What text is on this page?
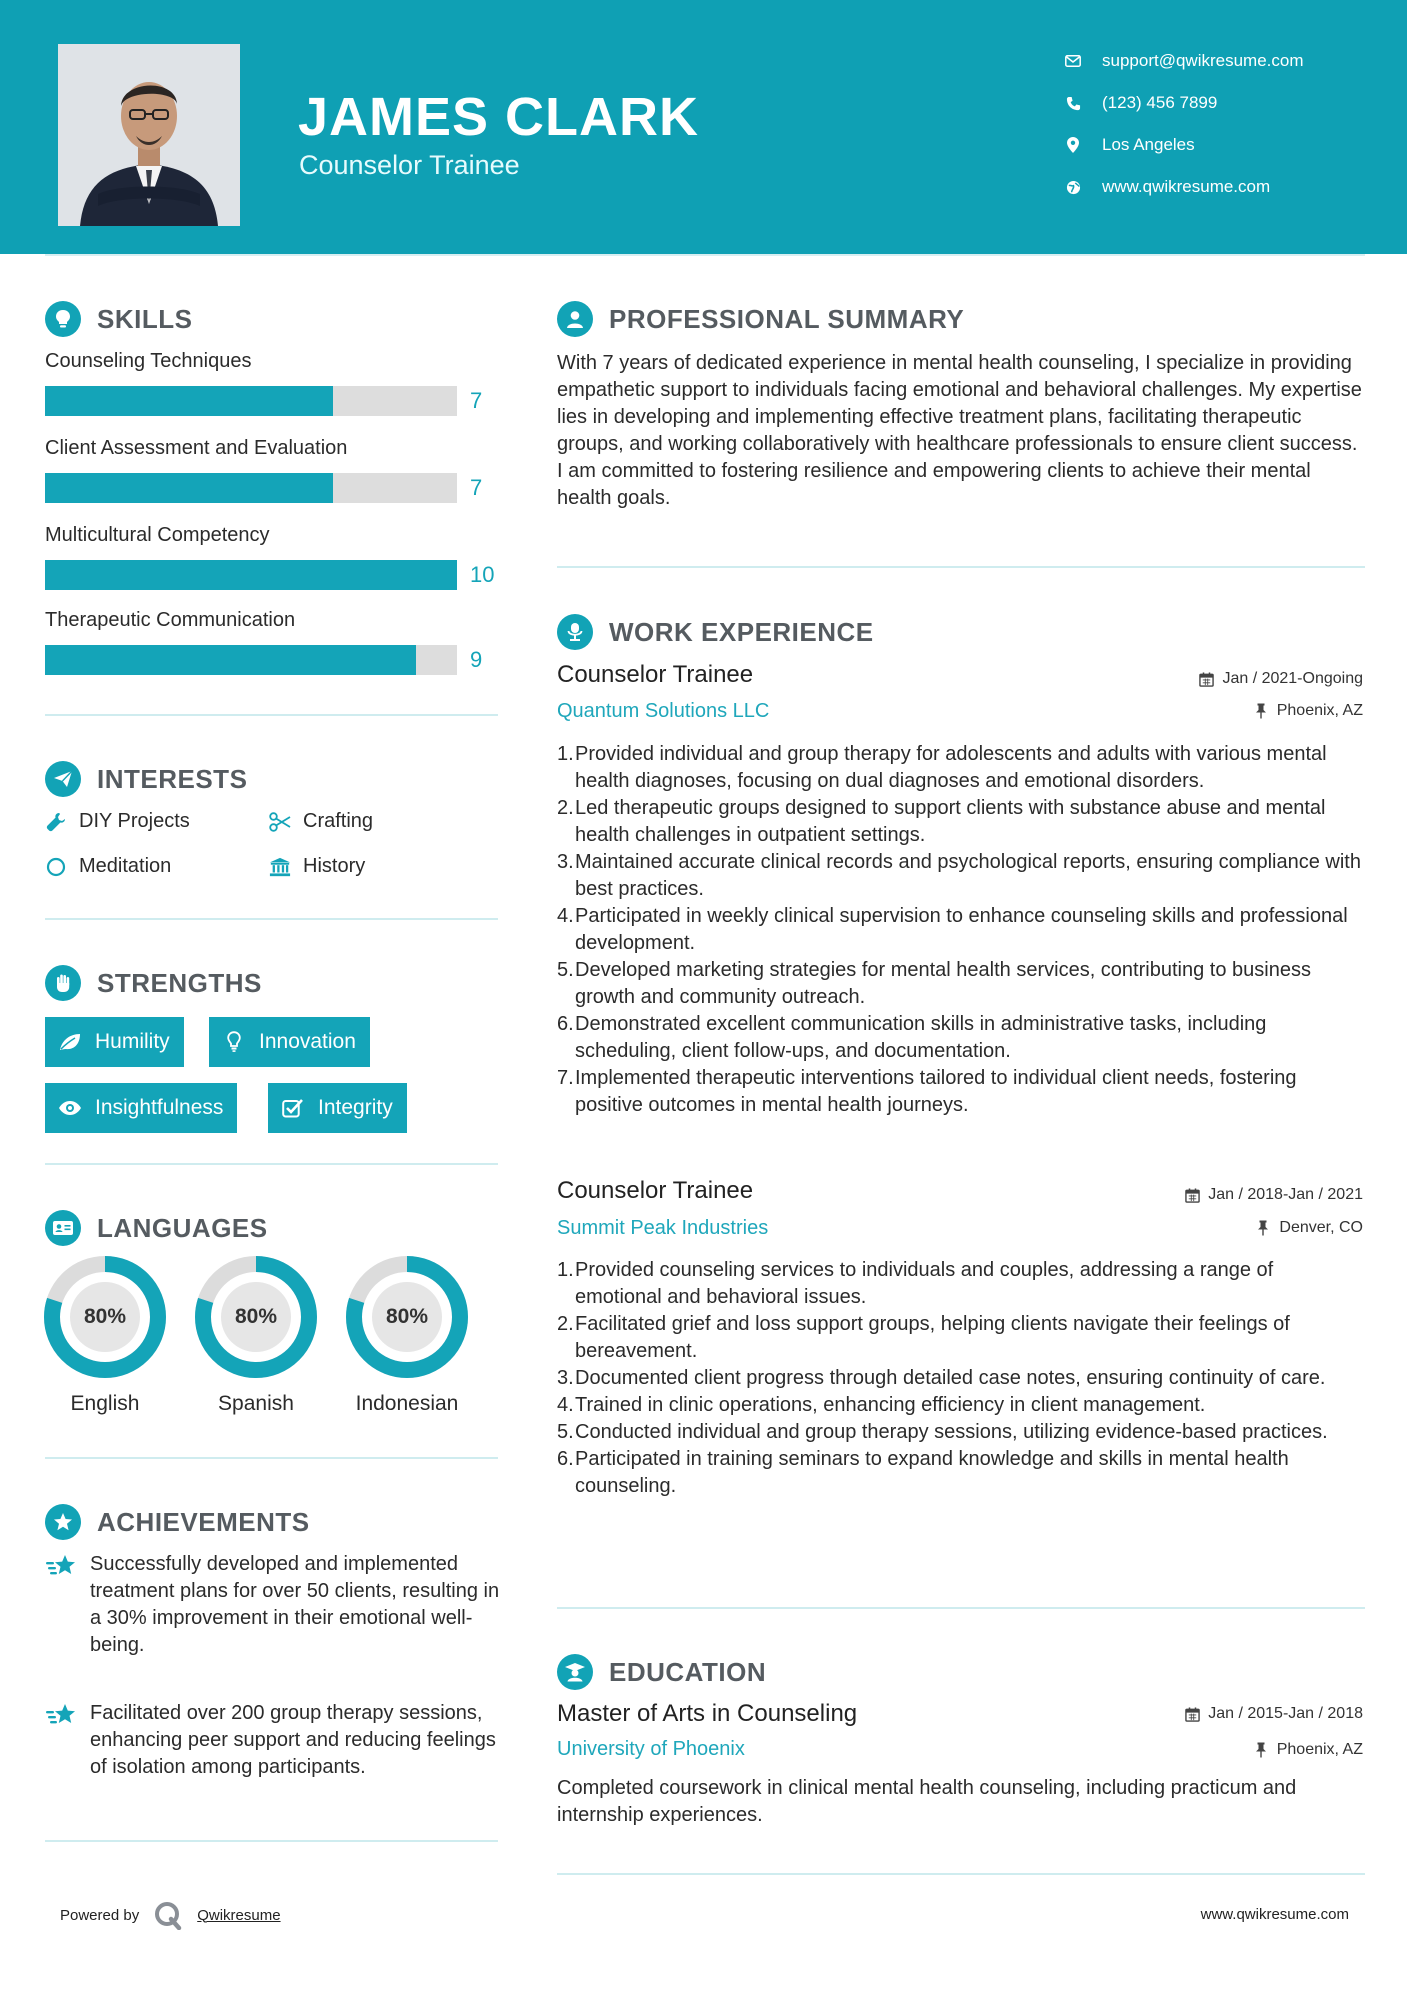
JAMES CLARK
Counselor Trainee
support@qwikresume.com
(123) 456 7899
Los Angeles
www.qwikresume.com
SKILLS
Counseling Techniques
7
Client Assessment and Evaluation
7
Multicultural Competency
10
Therapeutic Communication
9
INTERESTS
DIY Projects	Crafting
Meditation	History
STRENGTHS
Humility	Innovation
Insightfulness	Integrity
LANGUAGES
80%
English
80%
Spanish
80%
Indonesian
ACHIEVEMENTS
Successfully developed and implemented treatment plans for over 50 clients, resulting in a 30% improvement in their emotional well-being.
Facilitated over 200 group therapy sessions, enhancing peer support and reducing feelings of isolation among participants.
PROFESSIONAL SUMMARY
With 7 years of dedicated experience in mental health counseling, I specialize in providing empathetic support to individuals facing emotional and behavioral challenges. My expertise lies in developing and implementing effective treatment plans, facilitating therapeutic groups, and working collaboratively with healthcare professionals to ensure client success. I am committed to fostering resilience and empowering clients to achieve their mental health goals.
WORK EXPERIENCE
Counselor Trainee	Jan / 2021-Ongoing
Quantum Solutions LLC	Phoenix, AZ
1. Provided individual and group therapy for adolescents and adults with various mental health diagnoses, focusing on dual diagnoses and emotional disorders.
2. Led therapeutic groups designed to support clients with substance abuse and mental health challenges in outpatient settings.
3. Maintained accurate clinical records and psychological reports, ensuring compliance with best practices.
4. Participated in weekly clinical supervision to enhance counseling skills and professional development.
5. Developed marketing strategies for mental health services, contributing to business growth and community outreach.
6. Demonstrated excellent communication skills in administrative tasks, including scheduling, client follow-ups, and documentation.
7. Implemented therapeutic interventions tailored to individual client needs, fostering positive outcomes in mental health journeys.
Counselor Trainee	Jan / 2018-Jan / 2021
Summit Peak Industries	Denver, CO
1. Provided counseling services to individuals and couples, addressing a range of emotional and behavioral issues.
2. Facilitated grief and loss support groups, helping clients navigate their feelings of bereavement.
3. Documented client progress through detailed case notes, ensuring continuity of care.
4. Trained in clinic operations, enhancing efficiency in client management.
5. Conducted individual and group therapy sessions, utilizing evidence-based practices.
6. Participated in training seminars to expand knowledge and skills in mental health counseling.
EDUCATION
Master of Arts in Counseling	Jan / 2015-Jan / 2018
University of Phoenix	Phoenix, AZ
Completed coursework in clinical mental health counseling, including practicum and internship experiences.
Powered by	Qwikresume	www.qwikresume.com
